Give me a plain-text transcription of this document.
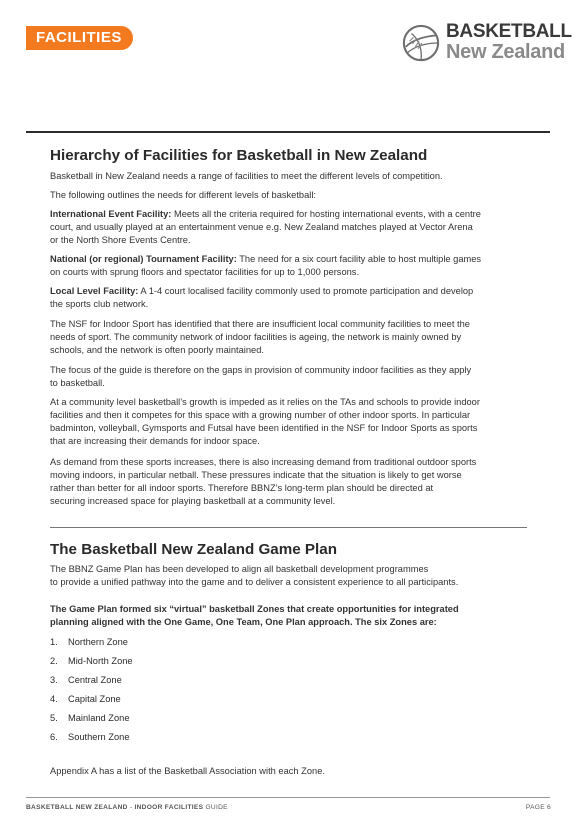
FACILITIES	BASKETBALL
New Zealand
Hierarchy of Facilities for Basketball in New Zealand

Basketball in New Zealand needs a range of facilities to meet the different levels of competition.

The following outlines the needs for different levels of basketball:

International Event Facility: Meets all the criteria required for hosting international events, with a centre

court, and usually played at an entertainment venue e.g. New Zealand matches played at Vector Arena

or the North Shore Events Centre.

National (or regional) Tournament Facility: The need for a six court facility able to host multiple games

on courts with sprung floors and spectator facilities for up to 1,000 persons.

Local Level Facility: A 1-4 court localised facility commonly used to promote participation and develop

the sports club network.

The NSF for Indoor Sport has identified that there are insufficient local community facilities to meet the

needs of sport. The community network of indoor facilities is ageing, the network is mainly owned by

schools, and the network is often poorly maintained.

The focus of the guide is therefore on the gaps in provision of community indoor facilities as they apply

to basketball.

At a community level basketball’s growth is impeded as it relies on the TAs and schools to provide indoor

facilities and then it competes for this space with a growing number of other indoor sports. In particular

badminton, volleyball, Gymsports and Futsal have been identified in the NSF for Indoor Sports as sports

that are increasing their demands for indoor space.

As demand from these sports increases, there is also increasing demand from traditional outdoor sports

moving indoors, in particular netball. These pressures indicate that the situation is likely to get worse

rather than better for all indoor sports. Therefore BBNZ’s long-term plan should be directed at

securing increased space for playing basketball at a community level.

The Basketball New Zealand Game Plan

The BBNZ Game Plan has been developed to align all basketball development programmes

to provide a unified pathway into the game and to deliver a consistent experience to all participants.

The Game Plan formed six “virtual” basketball Zones that create opportunities for integrated

planning aligned with the One Game, One Team, One Plan approach. The six Zones are:

1. Northern Zone
2. Mid-North Zone
3. Central Zone
4. Capital Zone
5. Mainland Zone
6. Southern Zone

Appendix A has a list of the Basketball Association with each Zone.

BASKETBALL NEW ZEALAND - INDOOR FACILITIES GUIDE	PAGE 6
